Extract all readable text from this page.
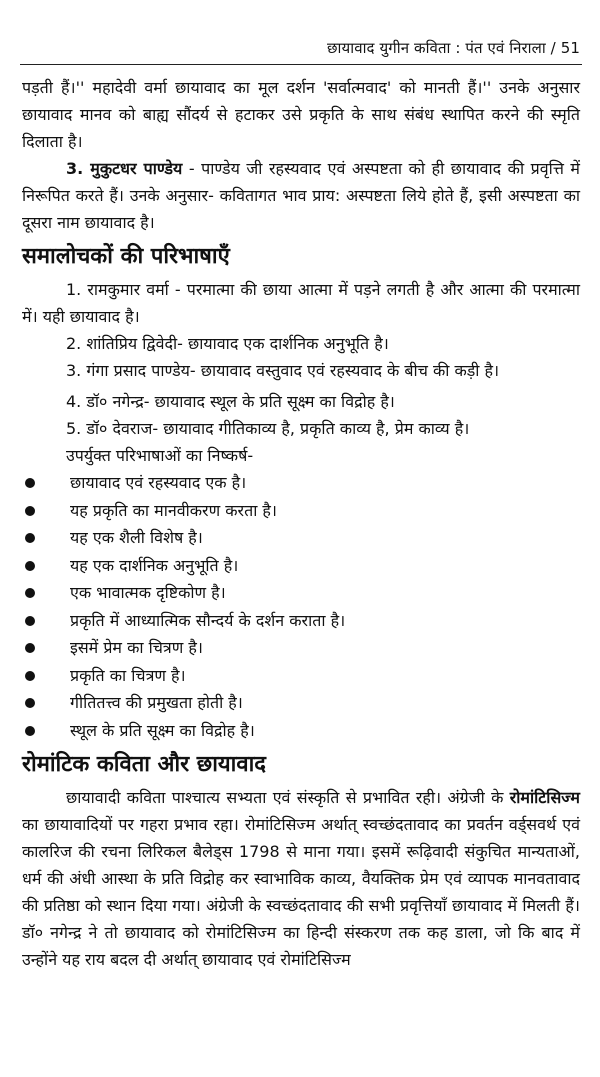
छायावाद युगीन कविता : पंत एवं निराला / 51

पड़ती हैं।'' महादेवी वर्मा छायावाद का मूल दर्शन 'सर्वात्मवाद' को मानती हैं।'' उनके अनुसार छायावाद मानव को बाह्य सौंदर्य से हटाकर उसे प्रकृति के साथ संबंध स्थापित करने की स्मृति दिलाता है।

3. मुकुटधर पाण्डेय - पाण्डेय जी रहस्यवाद एवं अस्पष्टता को ही छायावाद की प्रवृत्ति में निरूपित करते हैं। उनके अनुसार- कवितागत भाव प्राय: अस्पष्टता लिये होते हैं, इसी अस्पष्टता का दूसरा नाम छायावाद है।

समालोचकों की परिभाषाएँ

1. रामकुमार वर्मा - परमात्मा की छाया आत्मा में पड़ने लगती है और आत्मा की परमात्मा में। यही छायावाद है।

2. शांतिप्रिय द्विवेदी- छायावाद एक दार्शनिक अनुभूति है।

3. गंगा प्रसाद पाण्डेय- छायावाद वस्तुवाद एवं रहस्यवाद के बीच की कड़ी है।

4. डॉ० नगेन्द्र- छायावाद स्थूल के प्रति सूक्ष्म का विद्रोह है।

5. डॉ० देवराज- छायावाद गीतिकाव्य है, प्रकृति काव्य है, प्रेम काव्य है।

उपर्युक्त परिभाषाओं का निष्कर्ष-

छायावाद एवं रहस्यवाद एक है।
यह प्रकृति का मानवीकरण करता है।
यह एक शैली विशेष है।
यह एक दार्शनिक अनुभूति है।
एक भावात्मक दृष्टिकोण है।
प्रकृति में आध्यात्मिक सौन्दर्य के दर्शन कराता है।
इसमें प्रेम का चित्रण है।
प्रकृति का चित्रण है।
गीतितत्त्व की प्रमुखता होती है।
स्थूल के प्रति सूक्ष्म का विद्रोह है।
रोमांटिक कविता और छायावाद

छायावादी कविता पाश्चात्य सभ्यता एवं संस्कृति से प्रभावित रही। अंग्रेजी के रोमांटिसिज्म का छायावादियों पर गहरा प्रभाव रहा। रोमांटिसिज्म अर्थात् स्वच्छंदतावाद का प्रवर्तन वर्ड्सवर्थ एवं कालरिज की रचना लिरिकल बैलेड्स 1798 से माना गया। इसमें रूढ़िवादी संकुचित मान्यताओं, धर्म की अंधी आस्था के प्रति विद्रोह कर स्वाभाविक काव्य, वैयक्तिक प्रेम एवं व्यापक मानवतावाद की प्रतिष्ठा को स्थान दिया गया। अंग्रेजी के स्वच्छंदतावाद की सभी प्रवृत्तियाँ छायावाद में मिलती हैं। डॉ० नगेन्द्र ने तो छायावाद को रोमांटिसिज्म का हिन्दी संस्करण तक कह डाला, जो कि बाद में उन्होंने यह राय बदल दी अर्थात् छायावाद एवं रोमांटिसिज्म
